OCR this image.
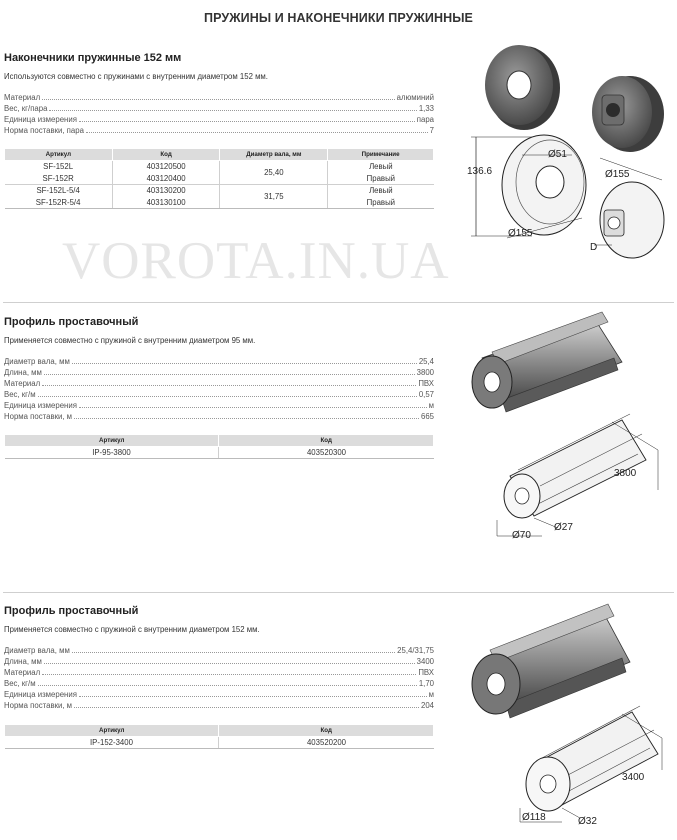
ПРУЖИНЫ И НАКОНЕЧНИКИ ПРУЖИННЫЕ
Наконечники пружинные 152 мм
Используются совместно с пружинами с внутренним диаметром 152 мм.
Материал	алюминий
Вес, кг/пара	1,33
Единица измерения	пара
Норма поставки, пара	7
Артикул	Код	Диаметр вала, мм	Примечание
SF-152L	403120500	25,40	Левый
SF-152R	403120400		Правый
SF-152L-5/4	403130200	31,75	Левый
SF-152R-5/4	403130100		Правый
Ø51
136.6
Ø155
Ø155
D
VOROTA.IN.UA
Профиль проставочный
Применяется совместно с пружиной с внутренним диаметром 95 мм.
Диаметр вала, мм	25,4
Длина, мм	3800
Материал	ПВХ
Вес, кг/м	0,57
Единица измерения	м
Норма поставки, м	665
Артикул	Код
IP-95-3800	403520300
3800
Ø70
Ø27
Профиль проставочный
Применяется совместно с пружиной с внутренним диаметром 152 мм.
Диаметр вала, мм	25,4/31,75
Длина, мм	3400
Материал	ПВХ
Вес, кг/м	1,70
Единица измерения	м
Норма поставки, м	204
Артикул	Код
IP-152-3400	403520200
3400
Ø118	Ø32
